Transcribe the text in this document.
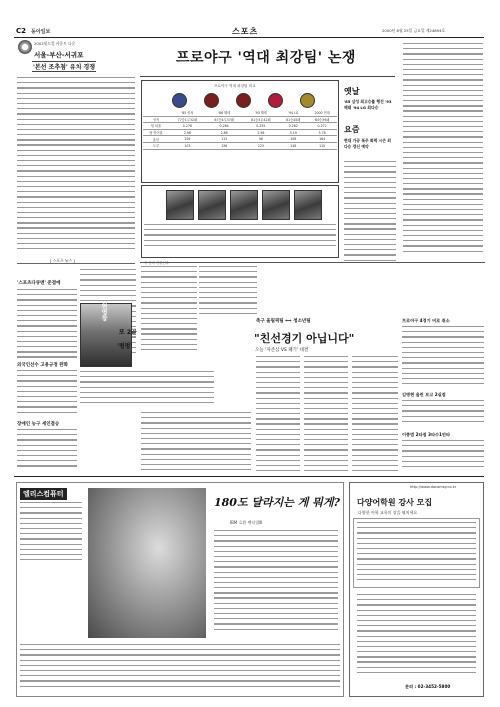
C2 동아일보	스포츠	2000년 8월 25일 금요일 제24894호
2002월드컵 카운트 다운
서울-부산-서귀포
'본선 조추첨' 유치 경쟁
[ 스포츠 뉴스 ]
'스포츠다큐멘' 준결에
외국인선수 고용규정 완화
장애인 농구 세인결승
프로야구 '역대 최강팀' 논쟁
프로야구 역대 최강팀 비교
	'85 삼성	'86 해태	'93 해태	'94 LG	2000 현대
성적	77승1무32패	67승4무37패	81승3무42패	81승45패	84승39패
팀 타율	0.276	0.264	0.255	0.282	0.272
팀 방어율	2.98	2.86	2.98	3.19	3.78
홈런	126	113	98	108	164
도루	103	136	123	148	110
각 팀의 간판선수
옛날
'85 삼성 최고승률 행진 '93 해태 '94 LG 최다승
요즘
현대 가공 폭주 화력 시즌 최다승 갱신 예약
현영창
또 2골
'펑펑'
축구 올림픽팀 ⟺ 청소년팀
"친선경기 아닙니다"
오늘 '자존심 VS 패기' 대결
프로야구 4경기 비로 취소
김병현 올린 보고 2실점
이종범 2타점 3타수1안타
엘리스컴퓨터
180도 달라지는 게 뭐게?
IBM 호환 펜티엄Ⅲ
http://www.dacomsy.co.kr
다양어학원 강사 모집
다양한 어학 교육의 장을 펼치세요
문의 : 02-3452-5800
